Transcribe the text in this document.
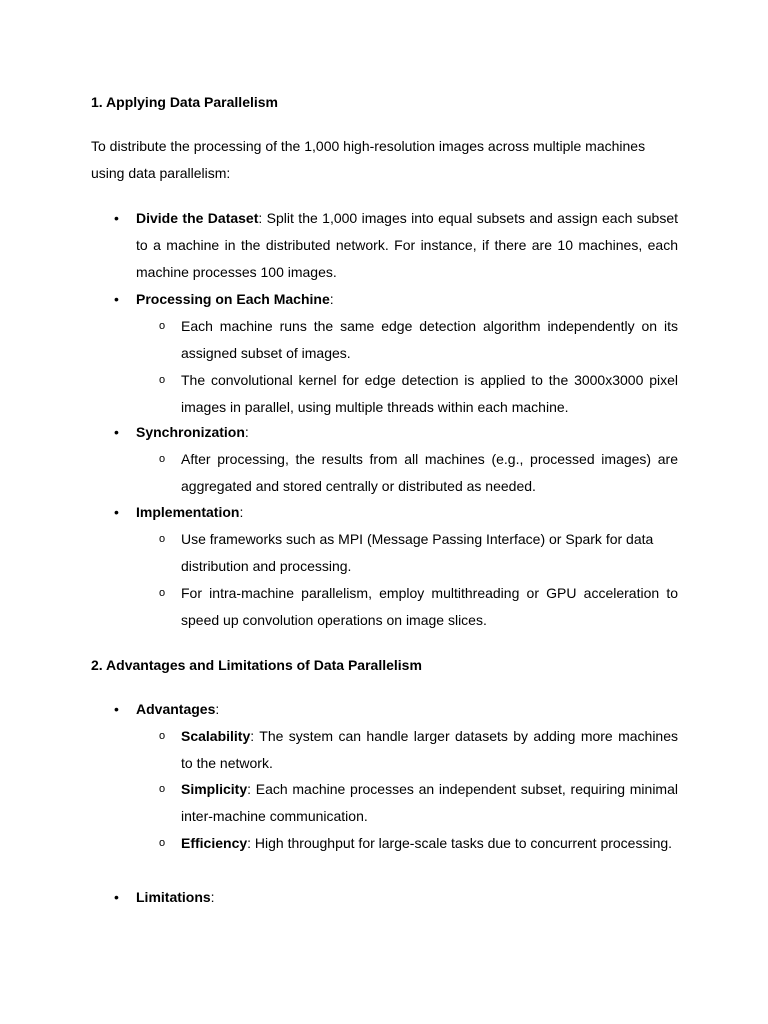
1. Applying Data Parallelism
To distribute the processing of the 1,000 high-resolution images across multiple machines using data parallelism:
• Divide the Dataset: Split the 1,000 images into equal subsets and assign each subset to a machine in the distributed network. For instance, if there are 10 machines, each machine processes 100 images.
• Processing on Each Machine:
o Each machine runs the same edge detection algorithm independently on its assigned subset of images.
o The convolutional kernel for edge detection is applied to the 3000x3000 pixel images in parallel, using multiple threads within each machine.
• Synchronization:
o After processing, the results from all machines (e.g., processed images) are aggregated and stored centrally or distributed as needed.
• Implementation:
o Use frameworks such as MPI (Message Passing Interface) or Spark for data distribution and processing.
o For intra-machine parallelism, employ multithreading or GPU acceleration to speed up convolution operations on image slices.
2. Advantages and Limitations of Data Parallelism
• Advantages:
o Scalability: The system can handle larger datasets by adding more machines to the network.
o Simplicity: Each machine processes an independent subset, requiring minimal inter-machine communication.
o Efficiency: High throughput for large-scale tasks due to concurrent processing.
• Limitations:
